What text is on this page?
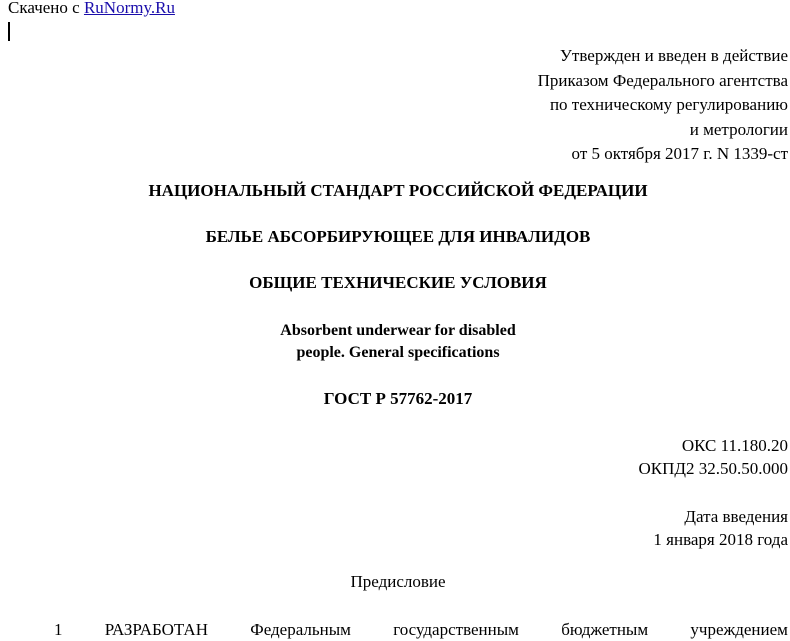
Скачено с RuNormy.Ru
Утвержден и введен в действие
Приказом Федерального агентства
по техническому регулированию
и метрологии
от 5 октября 2017 г. N 1339-ст
НАЦИОНАЛЬНЫЙ СТАНДАРТ РОССИЙСКОЙ ФЕДЕРАЦИИ
БЕЛЬЕ АБСОРБИРУЮЩЕЕ ДЛЯ ИНВАЛИДОВ
ОБЩИЕ ТЕХНИЧЕСКИЕ УСЛОВИЯ
Absorbent underwear for disabled
people. General specifications
ГОСТ Р 57762-2017
ОКС 11.180.20
ОКПД2 32.50.50.000
Дата введения
1 января 2018 года
Предисловие
1 РАЗРАБОТАН Федеральным государственным бюджетным учреждением
